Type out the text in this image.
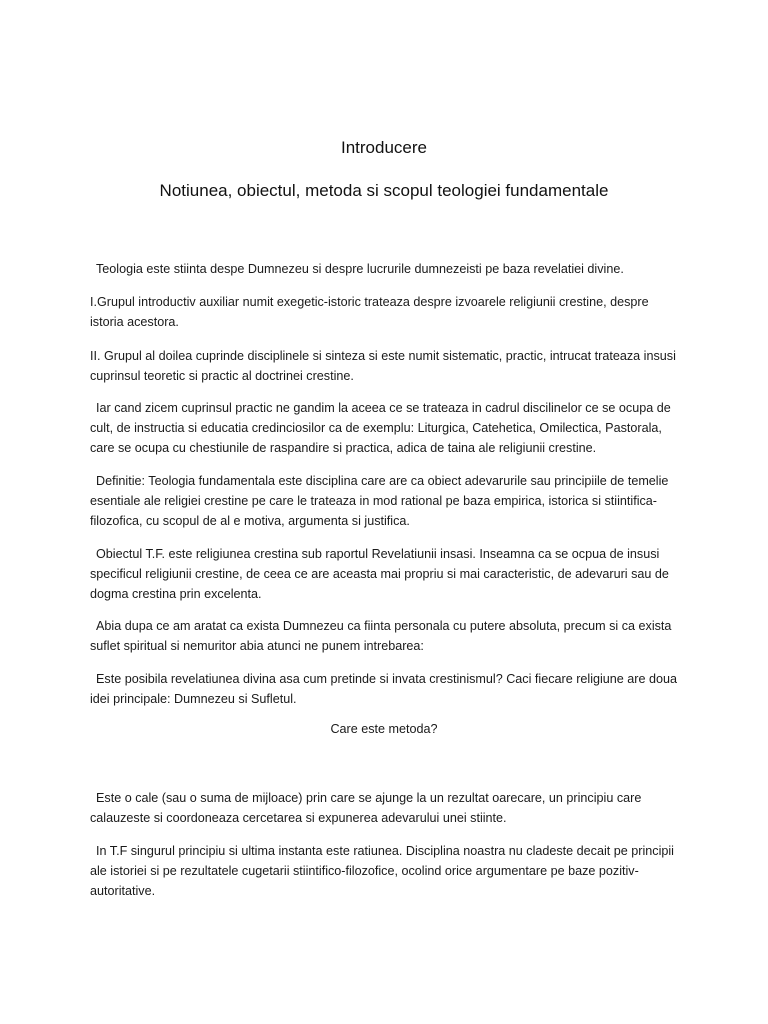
Introducere
Notiunea, obiectul, metoda si scopul teologiei fundamentale

Teologia este stiinta despe Dumnezeu si despre lucrurile dumnezeisti pe baza revelatiei divine.

I.Grupul introductiv auxiliar numit exegetic-istoric trateaza despre izvoarele religiunii crestine, despre istoria acestora.

II. Grupul al doilea cuprinde disciplinele si sinteza si este numit sistematic, practic, intrucat trateaza insusi cuprinsul teoretic si practic al doctrinei crestine.

Iar cand zicem cuprinsul practic ne gandim la aceea ce se trateaza in cadrul discilinelor ce se ocupa de cult, de instructia si educatia credinciosilor ca de exemplu: Liturgica, Catehetica, Omilectica, Pastorala, care se ocupa cu chestiunile de raspandire si practica, adica de taina ale religiunii crestine.

Definitie: Teologia fundamentala este disciplina care are ca obiect adevarurile sau principiile de temelie esentiale ale religiei crestine pe care le trateaza in mod rational pe baza empirica, istorica si stiintifica-filozofica, cu scopul de al e motiva, argumenta si justifica.

Obiectul T.F. este religiunea crestina sub raportul Revelatiunii insasi. Inseamna ca se ocpua de insusi specificul religiunii crestine, de ceea ce are aceasta mai propriu si mai caracteristic, de adevaruri sau de dogma crestina prin excelenta.

Abia dupa ce am aratat ca exista Dumnezeu ca fiinta personala cu putere absoluta, precum si ca exista suflet spiritual si nemuritor abia atunci ne punem intrebarea:

Este posibila revelatiunea divina asa cum pretinde si invata crestinismul? Caci fiecare religiune are doua idei principale: Dumnezeu si Sufletul.

Care este metoda?

Este o cale (sau o suma de mijloace) prin care se ajunge la un rezultat oarecare, un principiu care calauzeste si coordoneaza cercetarea si expunerea adevarului unei stiinte.

In T.F singurul principiu si ultima instanta este ratiunea. Disciplina noastra nu cladeste decait pe principii ale istoriei si pe rezultatele cugetarii stiintifico-filozofice, ocolind orice argumentare pe baze pozitiv-autoritative.
